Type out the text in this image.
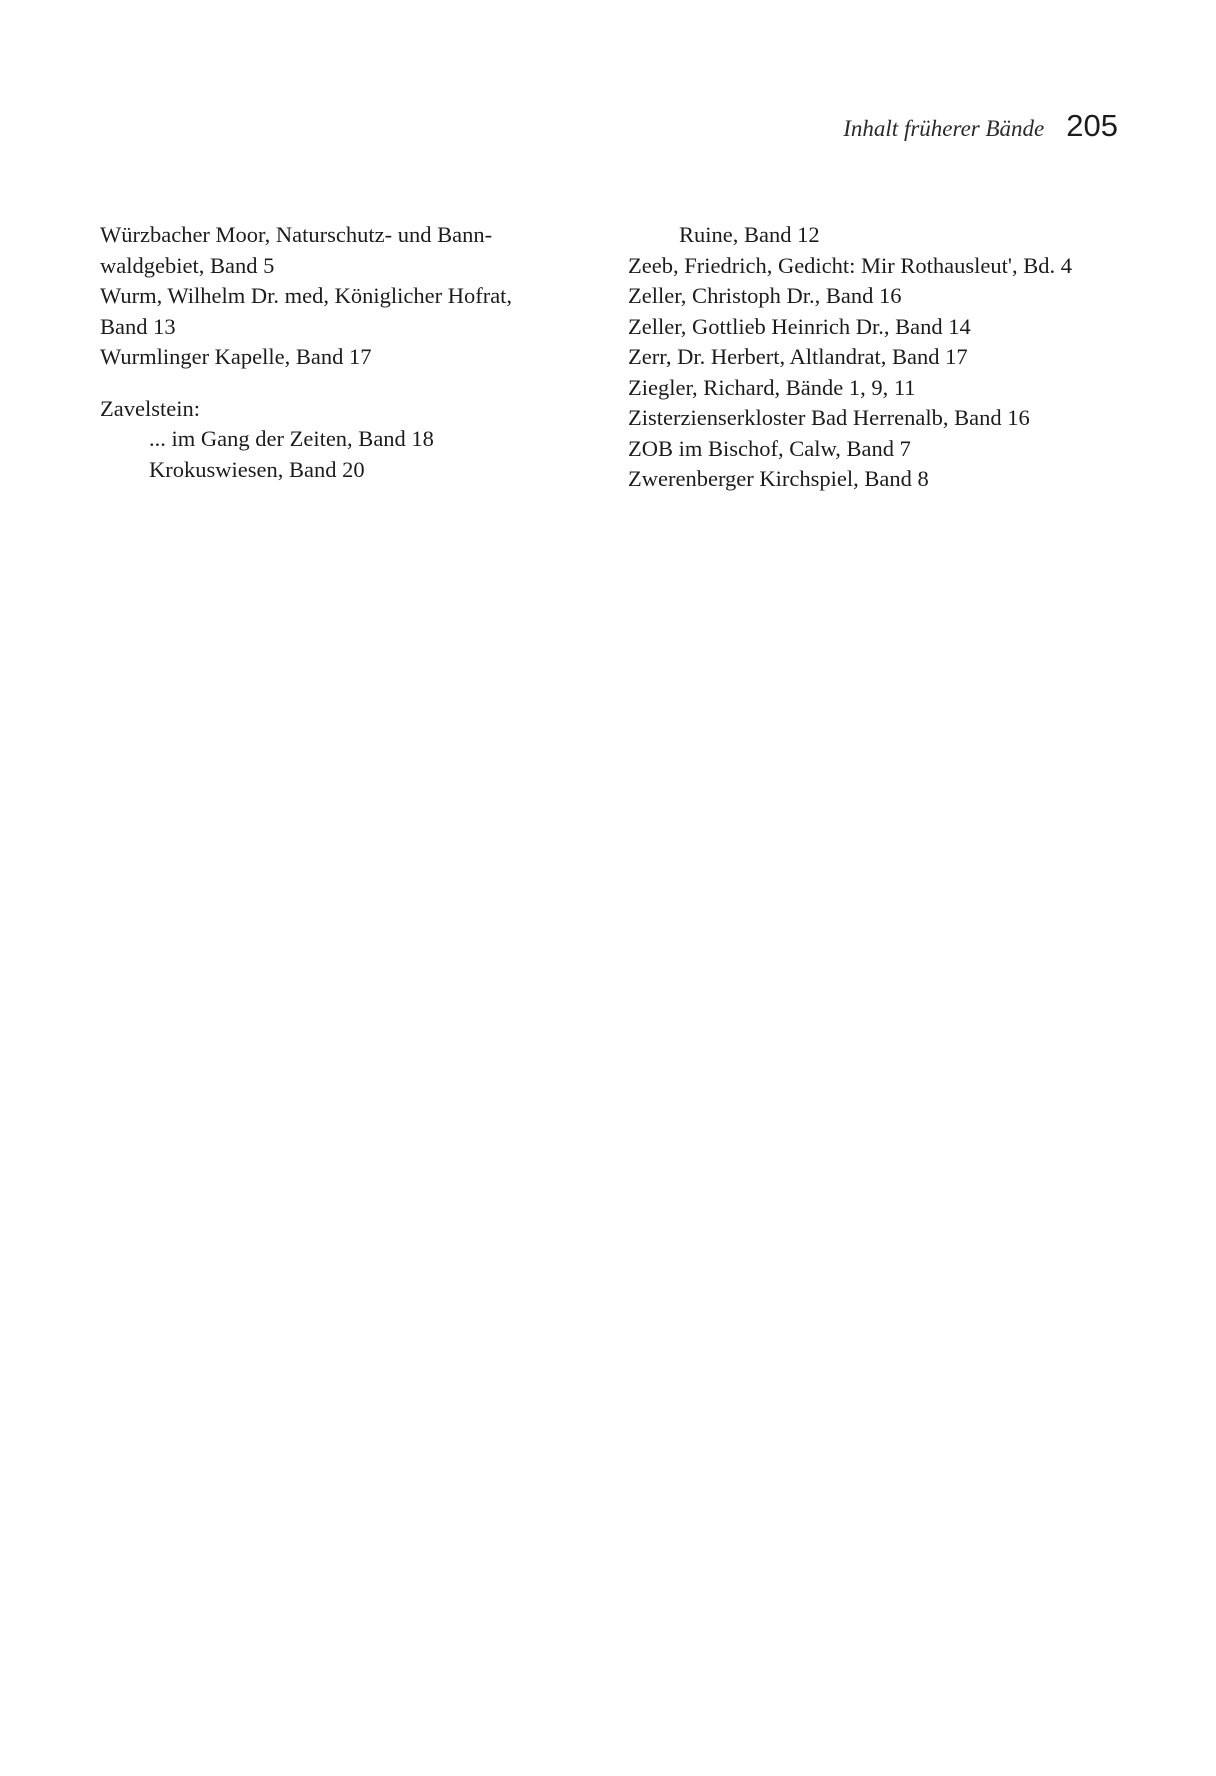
Inhalt früherer Bände 205
Würzbacher Moor, Naturschutz- und Bann-
waldgebiet, Band 5
Wurm, Wilhelm Dr. med, Königlicher Hofrat,
Band 13
Wurmlinger Kapelle, Band 17
Zavelstein:
... im Gang der Zeiten, Band 18
Krokuswiesen, Band 20
Ruine, Band 12
Zeeb, Friedrich, Gedicht: Mir Rothausleut', Bd. 4
Zeller, Christoph Dr., Band 16
Zeller, Gottlieb Heinrich Dr., Band 14
Zerr, Dr. Herbert, Altlandrat, Band 17
Ziegler, Richard, Bände 1, 9, 11
Zisterzienserkloster Bad Herrenalb, Band 16
ZOB im Bischof, Calw, Band 7
Zwerenberger Kirchspiel, Band 8
